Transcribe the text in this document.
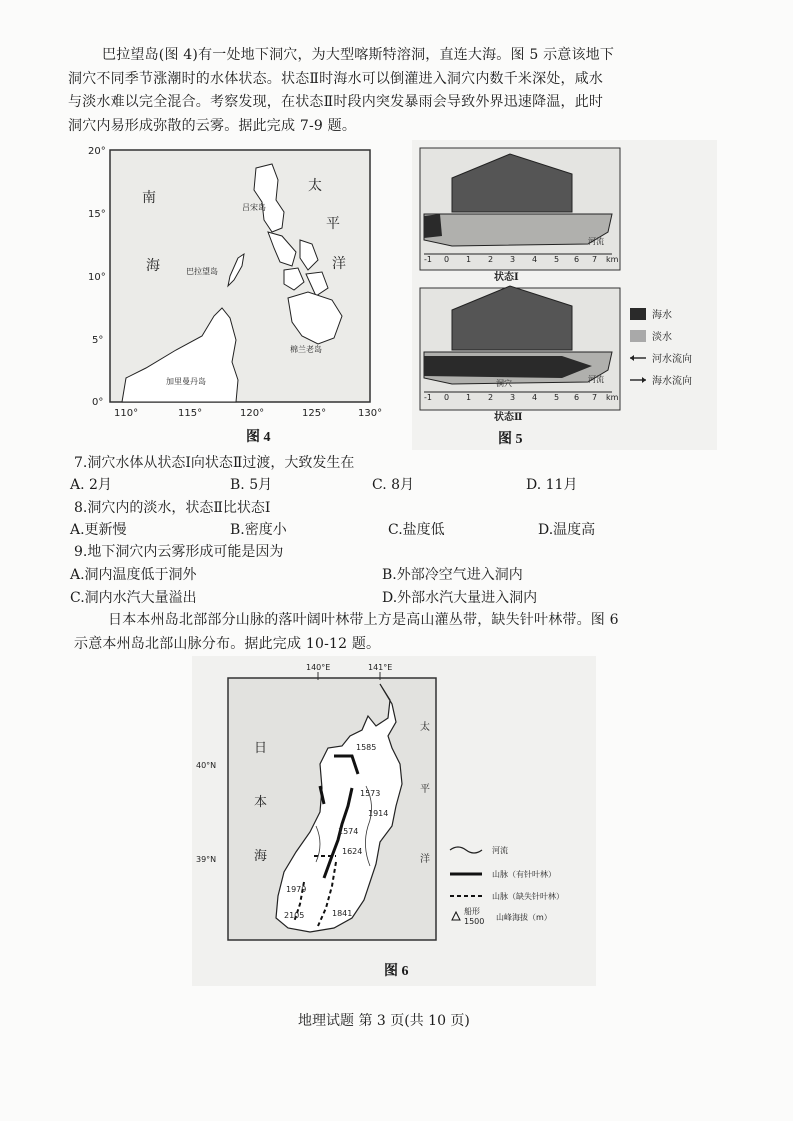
巴拉望岛(图 4)有一处地下洞穴，为大型喀斯特溶洞，直连大海。图 5 示意该地下
洞穴不同季节涨潮时的水体状态。状态Ⅱ时海水可以倒灌进入洞穴内数千米深处，咸水
与淡水难以完全混合。考察发现，在状态Ⅱ时段内突发暴雨会导致外界迅速降温，此时
洞穴内易形成弥散的云雾。据此完成 7-9 题。
20°
15°
10°
5°
0°
110°	115°	120°	125°	130°
南
海
太
平
洋
吕宋岛
巴拉望岛
棉兰老岛
加里曼丹岛
图 4
-1 0 1 2 3 4 5 6 7 km
河流
状态Ⅰ
-1 0 1 2 3 4 5 6 7 km
洞穴	河流
状态Ⅱ
海水
淡水
河水流向
海水流向
图 5
7.洞穴水体从状态Ⅰ向状态Ⅱ过渡，大致发生在
A. 2月	B. 5月	C. 8月	D. 11月
8.洞穴内的淡水，状态Ⅱ比状态Ⅰ
A.更新慢	B.密度小	C.盐度低	D.温度高
9.地下洞穴内云雾形成可能是因为
A.洞内温度低于洞外	B.外部冷空气进入洞内
C.洞内水汽大量溢出	D.外部水汽大量进入洞内
日本本州岛北部部分山脉的落叶阔叶林带上方是高山灌丛带，缺失针叶林带。图 6
示意本州岛北部山脉分布。据此完成 10-12 题。
140°E	141°E
40°N
39°N
1585
1573
1914
1574
1624
1979
2105	1841
日
本
海
太
平
洋
河流
山脉（有针叶林）
山脉（缺失针叶林）
船形
1500 山峰海拔（m）
图 6
地理试题 第 3 页(共 10 页)
